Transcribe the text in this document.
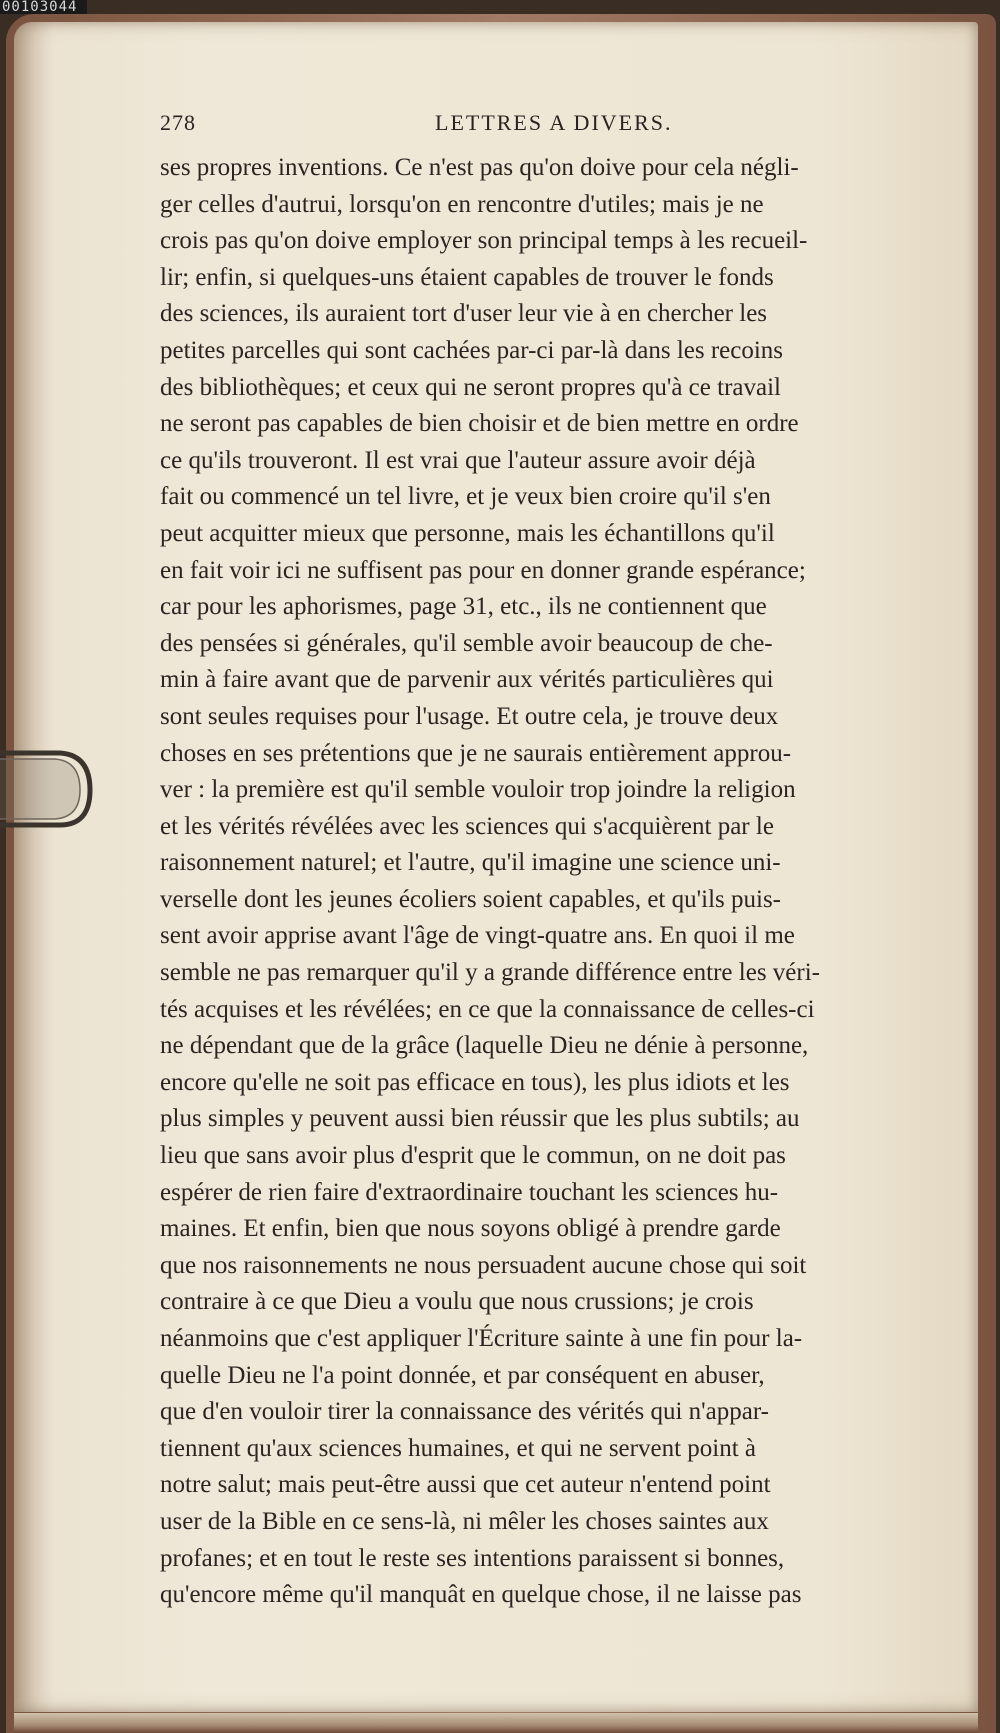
00103044
278	LETTRES A DIVERS.
ses propres inventions. Ce n'est pas qu'on doive pour cela négli-
ger celles d'autrui, lorsqu'on en rencontre d'utiles; mais je ne
crois pas qu'on doive employer son principal temps à les recueil-
lir; enfin, si quelques-uns étaient capables de trouver le fonds
des sciences, ils auraient tort d'user leur vie à en chercher les
petites parcelles qui sont cachées par-ci par-là dans les recoins
des bibliothèques; et ceux qui ne seront propres qu'à ce travail
ne seront pas capables de bien choisir et de bien mettre en ordre
ce qu'ils trouveront. Il est vrai que l'auteur assure avoir déjà
fait ou commencé un tel livre, et je veux bien croire qu'il s'en
peut acquitter mieux que personne, mais les échantillons qu'il
en fait voir ici ne suffisent pas pour en donner grande espérance;
car pour les aphorismes, page 31, etc., ils ne contiennent que
des pensées si générales, qu'il semble avoir beaucoup de che-
min à faire avant que de parvenir aux vérités particulières qui
sont seules requises pour l'usage. Et outre cela, je trouve deux
choses en ses prétentions que je ne saurais entièrement approu-
ver : la première est qu'il semble vouloir trop joindre la religion
et les vérités révélées avec les sciences qui s'acquièrent par le
raisonnement naturel; et l'autre, qu'il imagine une science uni-
verselle dont les jeunes écoliers soient capables, et qu'ils puis-
sent avoir apprise avant l'âge de vingt-quatre ans. En quoi il me
semble ne pas remarquer qu'il y a grande différence entre les véri-
tés acquises et les révélées; en ce que la connaissance de celles-ci
ne dépendant que de la grâce (laquelle Dieu ne dénie à personne,
encore qu'elle ne soit pas efficace en tous), les plus idiots et les
plus simples y peuvent aussi bien réussir que les plus subtils; au
lieu que sans avoir plus d'esprit que le commun, on ne doit pas
espérer de rien faire d'extraordinaire touchant les sciences hu-
maines. Et enfin, bien que nous soyons obligé à prendre garde
que nos raisonnements ne nous persuadent aucune chose qui soit
contraire à ce que Dieu a voulu que nous crussions; je crois
néanmoins que c'est appliquer l'Écriture sainte à une fin pour la-
quelle Dieu ne l'a point donnée, et par conséquent en abuser,
que d'en vouloir tirer la connaissance des vérités qui n'appar-
tiennent qu'aux sciences humaines, et qui ne servent point à
notre salut; mais peut-être aussi que cet auteur n'entend point
user de la Bible en ce sens-là, ni mêler les choses saintes aux
profanes; et en tout le reste ses intentions paraissent si bonnes,
qu'encore même qu'il manquât en quelque chose, il ne laisse pas
